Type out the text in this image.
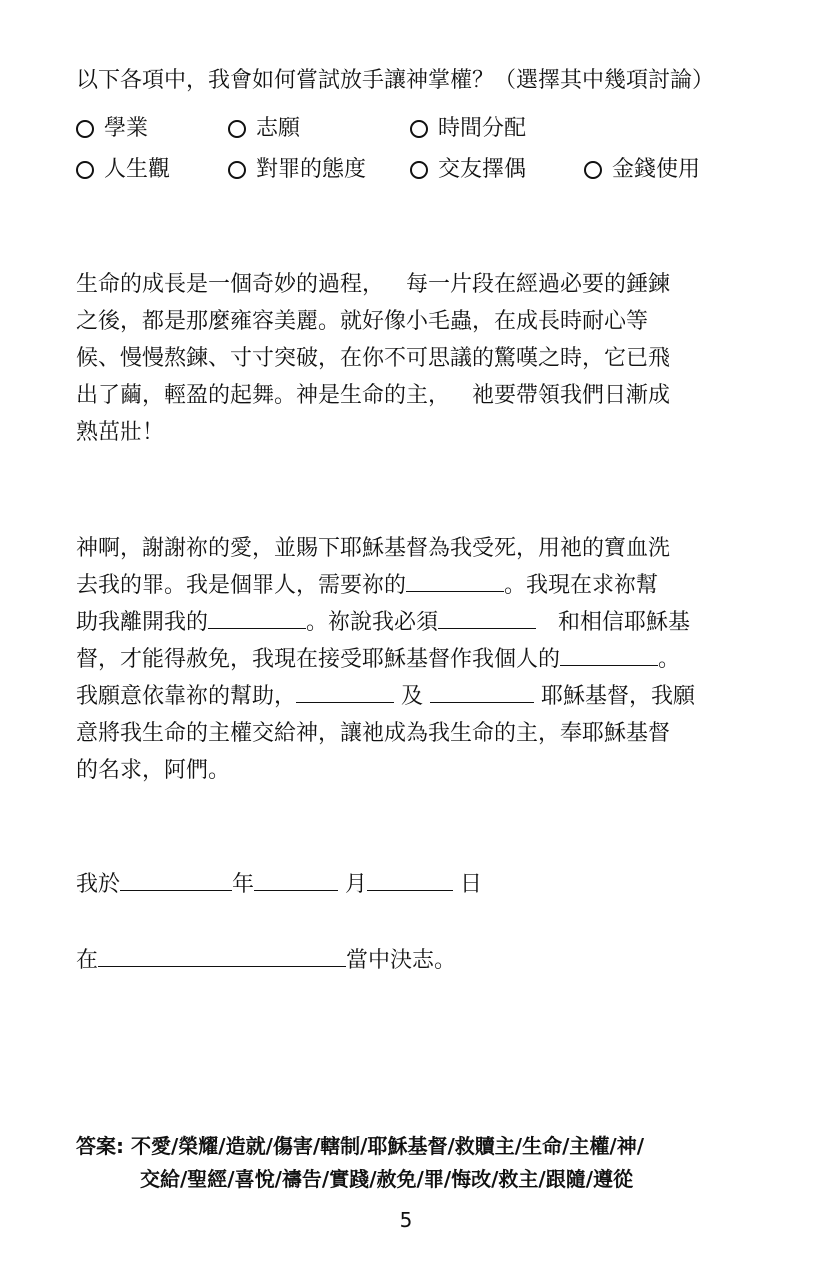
以下各項中，我會如何嘗試放手讓神掌權？（選擇其中幾項討論）
學業	志願	時間分配
人生觀	對罪的態度	交友擇偶	金錢使用
生命的成長是一個奇妙的過程， 每一片段在經過必要的錘鍊
之後，都是那麼雍容美麗。就好像小毛蟲，在成長時耐心等
候、慢慢熬鍊、寸寸突破，在你不可思議的驚嘆之時，它已飛
出了繭，輕盈的起舞。神是生命的主， 祂要帶領我們日漸成
熟茁壯！
神啊，謝謝祢的愛，並賜下耶穌基督為我受死，用祂的寶血洗
去我的罪。我是個罪人，需要祢的	。我現在求祢幫
助我離開我的	。祢說我必須	和相信耶穌基
督，才能得赦免，我現在接受耶穌基督作我個人的	。
我願意依靠祢的幫助，	及	耶穌基督，我願
意將我生命的主權交給神，讓祂成為我生命的主，奉耶穌基督
的名求，阿們。
我於	年	月	日
在	當中決志。
答案: 不愛/榮耀/造就/傷害/轄制/耶穌基督/救贖主/生命/主權/神/
交給/聖經/喜悅/禱告/實踐/赦免/罪/悔改/救主/跟隨/遵從
5
